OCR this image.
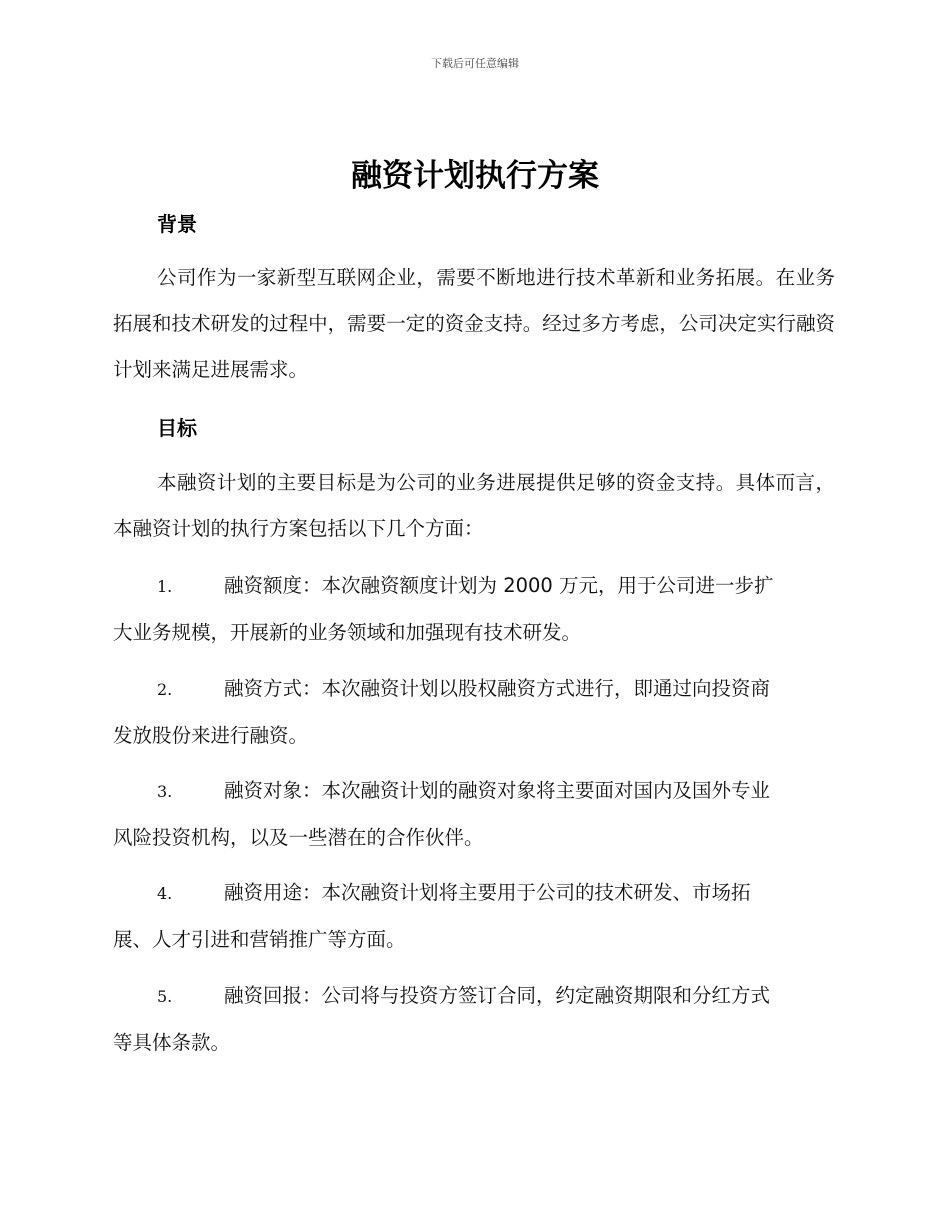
下载后可任意编辑
融资计划执行方案
背景
公司作为一家新型互联网企业，需要不断地进行技术革新和业务拓展。在业务拓展和技术研发的过程中，需要一定的资金支持。经过多方考虑，公司决定实行融资计划来满足进展需求。
目标
本融资计划的主要目标是为公司的业务进展提供足够的资金支持。具体而言，本融资计划的执行方案包括以下几个方面：
1.	融资额度：本次融资额度计划为 2000 万元，用于公司进一步扩
大业务规模，开展新的业务领域和加强现有技术研发。
2.	融资方式：本次融资计划以股权融资方式进行，即通过向投资商
发放股份来进行融资。
3.	融资对象：本次融资计划的融资对象将主要面对国内及国外专业
风险投资机构，以及一些潜在的合作伙伴。
4.	融资用途：本次融资计划将主要用于公司的技术研发、市场拓
展、人才引进和营销推广等方面。
5.	融资回报：公司将与投资方签订合同，约定融资期限和分红方式
等具体条款。
